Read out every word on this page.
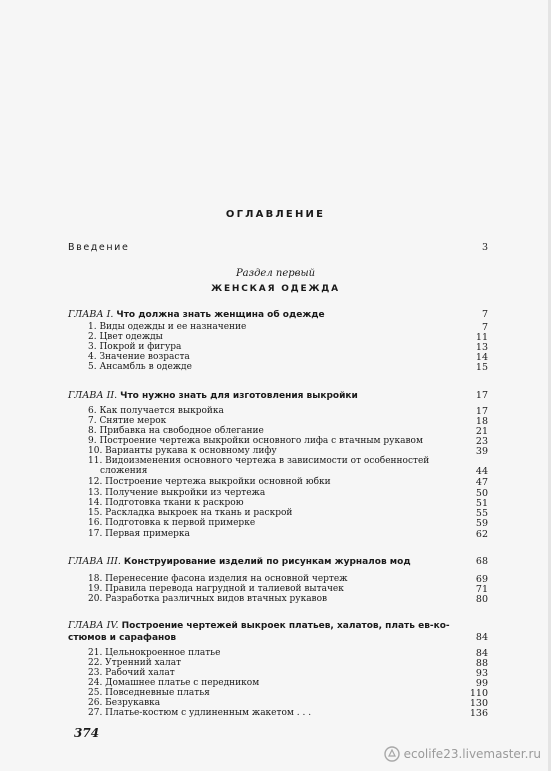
ОГЛАВЛЕНИЕ
Введение	3
Раздел первый
ЖЕНСКАЯ ОДЕЖДА
ГЛАВА I. Что должна знать женщина об одежде	7
1. Виды одежды и ее назначение	7
2. Цвет одежды	11
3. Покрой и фигура	13
4. Значение возраста	14
5. Ансамбль в одежде	15
ГЛАВА II. Что нужно знать для изготовления выкройки	17
6. Как получается выкройка	17
7. Снятие мерок	18
8. Прибавка на свободное облегание	21
9. Построение чертежа выкройки основного лифа с втачным рукавом	23
10. Варианты рукава к основному лифу	39
11. Видоизменения основного чертежа в зависимости от особенностей
сложения	44
12. Построение чертежа выкройки основной юбки	47
13. Получение выкройки из чертежа	50
14. Подготовка ткани к раскрою	51
15. Раскладка выкроек на ткань и раскрой	55
16. Подготовка к первой примерке	59
17. Первая примерка	62
ГЛАВА III. Конструирование изделий по рисункам журналов мод	68
18. Перенесение фасона изделия на основной чертеж	69
19. Правила перевода нагрудной и талиевой вытачек	71
20. Разработка различных видов втачных рукавов	80
ГЛАВА IV. Построение чертежей выкроек платьев, халатов, плать ев-ко-
стюмов и сарафанов	84
21. Цельнокроенное платье	84
22. Утренний халат	88
23. Рабочий халат	93
24. Домашнее платье с передником	99
25. Повседневные платья	110
26. Безрукавка	130
27. Платье-костюм с удлиненным жакетом . . .	136
374
ecolife23.livemaster.ru
